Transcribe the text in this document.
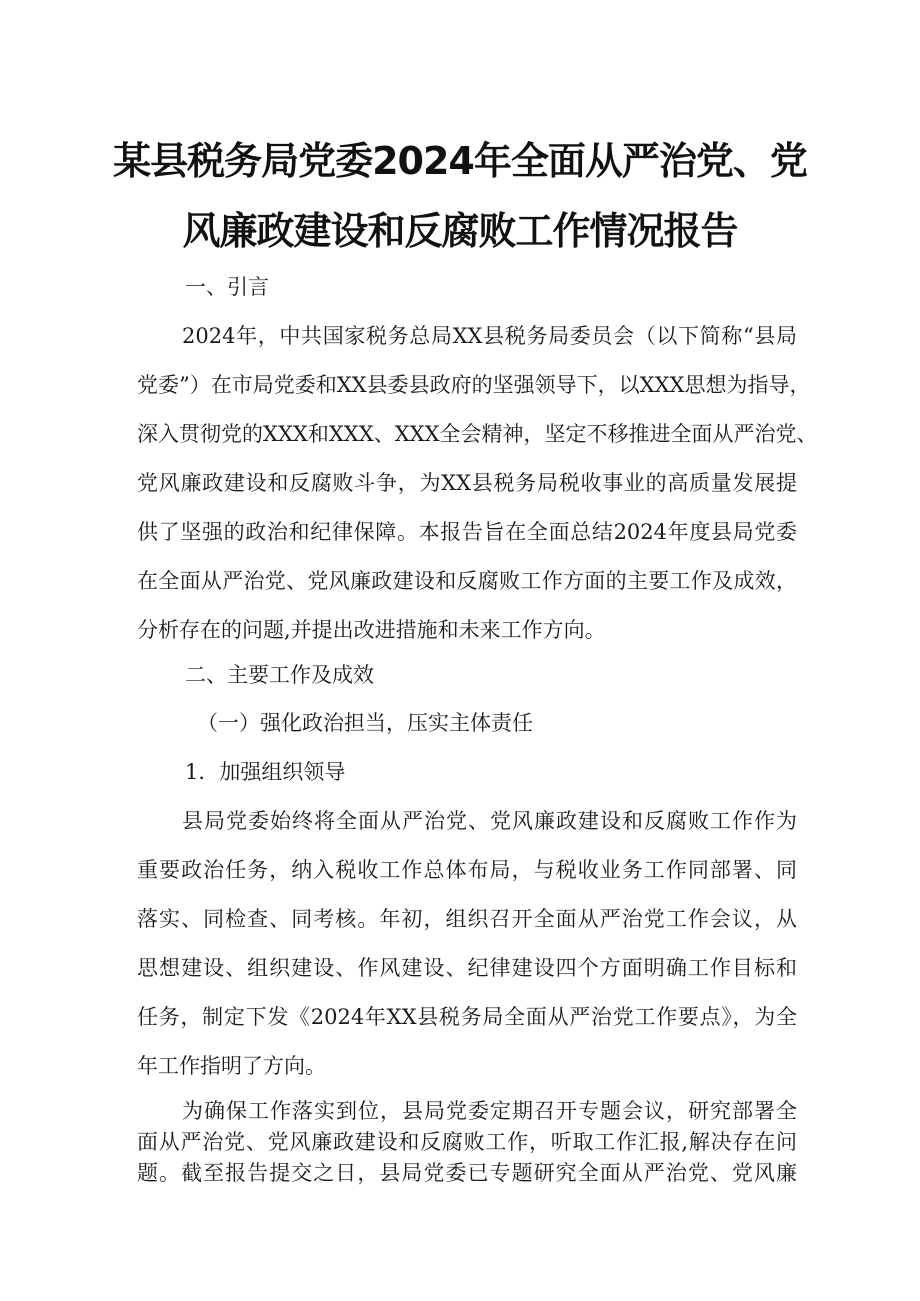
某县税务局党委2024年全面从严治党、党
风廉政建设和反腐败工作情况报告
一、引言
2024年，中共国家税务总局XX县税务局委员会（以下简称“县局
党委”）在市局党委和XX县委县政府的坚强领导下，以XXX思想为指导，
深入贯彻党的XXX和XXX、XXX全会精神，坚定不移推进全面从严治党、
党风廉政建设和反腐败斗争，为XX县税务局税收事业的高质量发展提
供了坚强的政治和纪律保障。本报告旨在全面总结2024年度县局党委
在全面从严治党、党风廉政建设和反腐败工作方面的主要工作及成效，
分析存在的问题,并提出改进措施和未来工作方向。
二、主要工作及成效
（一）强化政治担当，压实主体责任
1．加强组织领导
县局党委始终将全面从严治党、党风廉政建设和反腐败工作作为
重要政治任务，纳入税收工作总体布局，与税收业务工作同部署、同
落实、同检查、同考核。年初，组织召开全面从严治党工作会议，从
思想建设、组织建设、作风建设、纪律建设四个方面明确工作目标和
任务，制定下发《2024年XX县税务局全面从严治党工作要点》，为全
年工作指明了方向。
为确保工作落实到位，县局党委定期召开专题会议，研究部署全
面从严治党、党风廉政建设和反腐败工作，听取工作汇报,解决存在问
题。截至报告提交之日，县局党委已专题研究全面从严治党、党风廉
